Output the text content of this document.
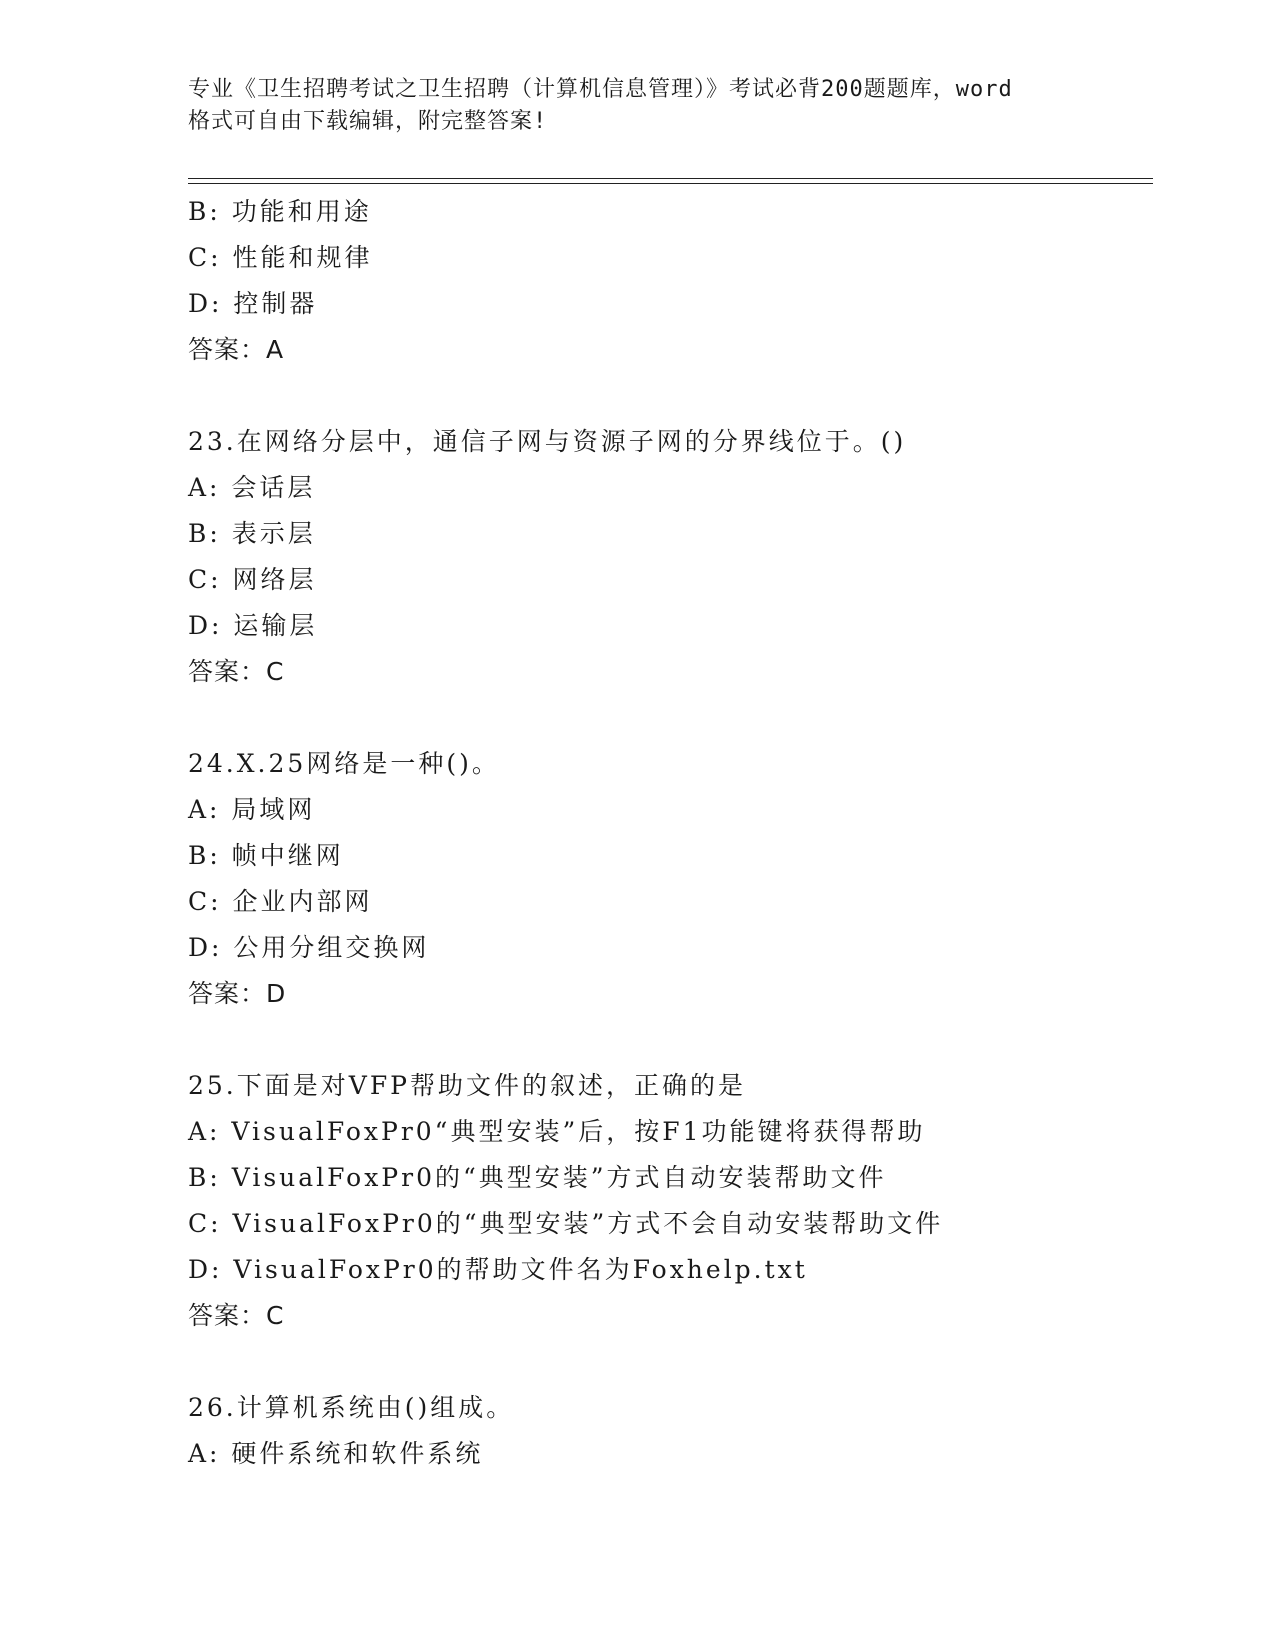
专业《卫生招聘考试之卫生招聘（计算机信息管理）》考试必背200题题库，word
格式可自由下载编辑，附完整答案!
B: 功能和用途
C: 性能和规律
D: 控制器
答案：A
23.在网络分层中，通信子网与资源子网的分界线位于。()
A: 会话层
B: 表示层
C: 网络层
D: 运输层
答案：C
24.X.25网络是一种()。
A: 局域网
B: 帧中继网
C: 企业内部网
D: 公用分组交换网
答案：D
25.下面是对VFP帮助文件的叙述，正确的是
A: VisualFoxPr0“典型安装”后，按F1功能键将获得帮助
B: VisualFoxPr0的“典型安装”方式自动安装帮助文件
C: VisualFoxPr0的“典型安装”方式不会自动安装帮助文件
D: VisualFoxPr0的帮助文件名为Foxhelp.txt
答案：C
26.计算机系统由()组成。
A: 硬件系统和软件系统
